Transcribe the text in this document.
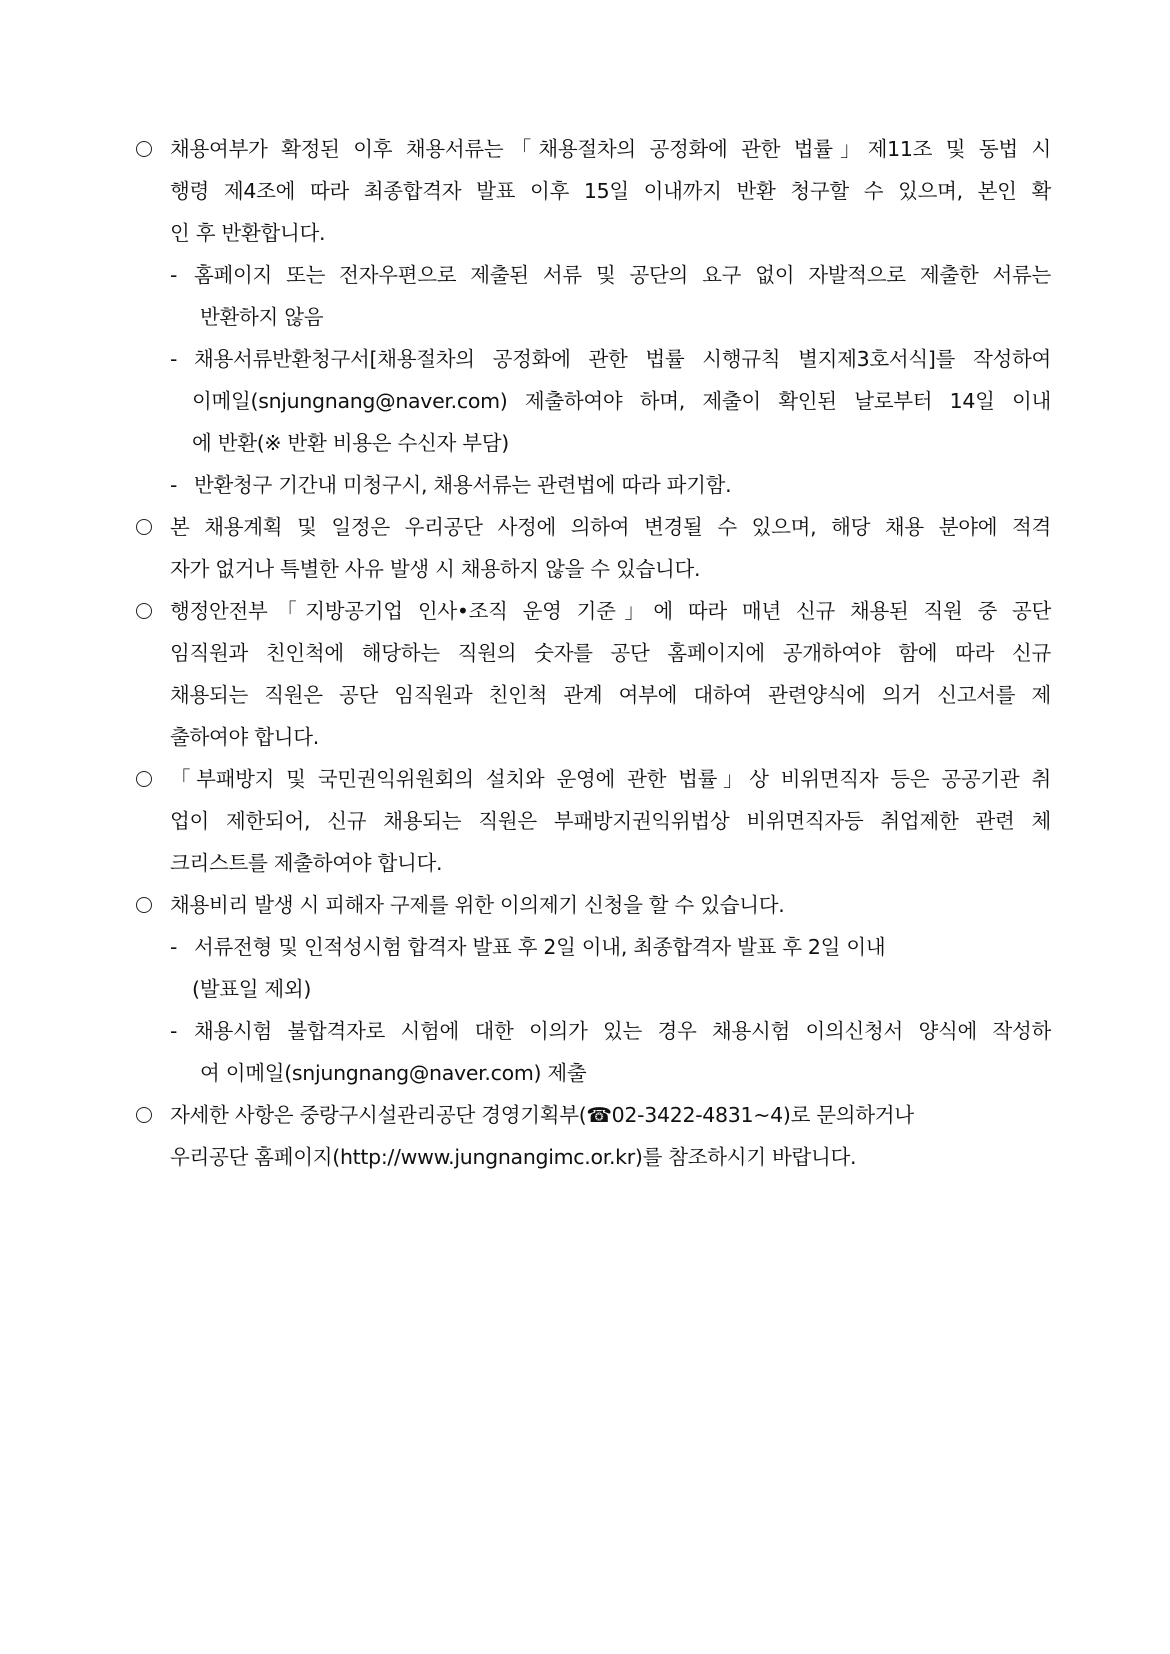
채용여부가 확정된 이후 채용서류는「채용절차의 공정화에 관한 법률」제11조 및 동법 시
행령 제4조에 따라 최종합격자 발표 이후 15일 이내까지 반환 청구할 수 있으며, 본인 확
인 후 반환합니다.
- 홈페이지 또는 전자우편으로 제출된 서류 및 공단의 요구 없이 자발적으로 제출한 서류는
반환하지 않음
- 채용서류반환청구서[채용절차의 공정화에 관한 법률 시행규칙 별지제3호서식]를 작성하여
이메일(snjungnang@naver.com) 제출하여야 하며, 제출이 확인된 날로부터 14일 이내
에 반환(※ 반환 비용은 수신자 부담)
- 반환청구 기간내 미청구시, 채용서류는 관련법에 따라 파기함.
본 채용계획 및 일정은 우리공단 사정에 의하여 변경될 수 있으며, 해당 채용 분야에 적격
자가 없거나 특별한 사유 발생 시 채용하지 않을 수 있습니다.
행정안전부「지방공기업 인사•조직 운영 기준」에 따라 매년 신규 채용된 직원 중 공단
임직원과 친인척에 해당하는 직원의 숫자를 공단 홈페이지에 공개하여야 함에 따라 신규
채용되는 직원은 공단 임직원과 친인척 관계 여부에 대하여 관련양식에 의거 신고서를 제
출하여야 합니다.
「부패방지 및 국민권익위원회의 설치와 운영에 관한 법률」상 비위면직자 등은 공공기관 취
업이 제한되어, 신규 채용되는 직원은 부패방지권익위법상 비위면직자등 취업제한 관련 체
크리스트를 제출하여야 합니다.
채용비리 발생 시 피해자 구제를 위한 이의제기 신청을 할 수 있습니다.
- 서류전형 및 인적성시험 합격자 발표 후 2일 이내, 최종합격자 발표 후 2일 이내
(발표일 제외)
- 채용시험 불합격자로 시험에 대한 이의가 있는 경우 채용시험 이의신청서 양식에 작성하
여 이메일(snjungnang@naver.com) 제출
자세한 사항은 중랑구시설관리공단 경영기획부(☎02-3422-4831~4)로 문의하거나
우리공단 홈페이지(http://www.jungnangimc.or.kr)를 참조하시기 바랍니다.
